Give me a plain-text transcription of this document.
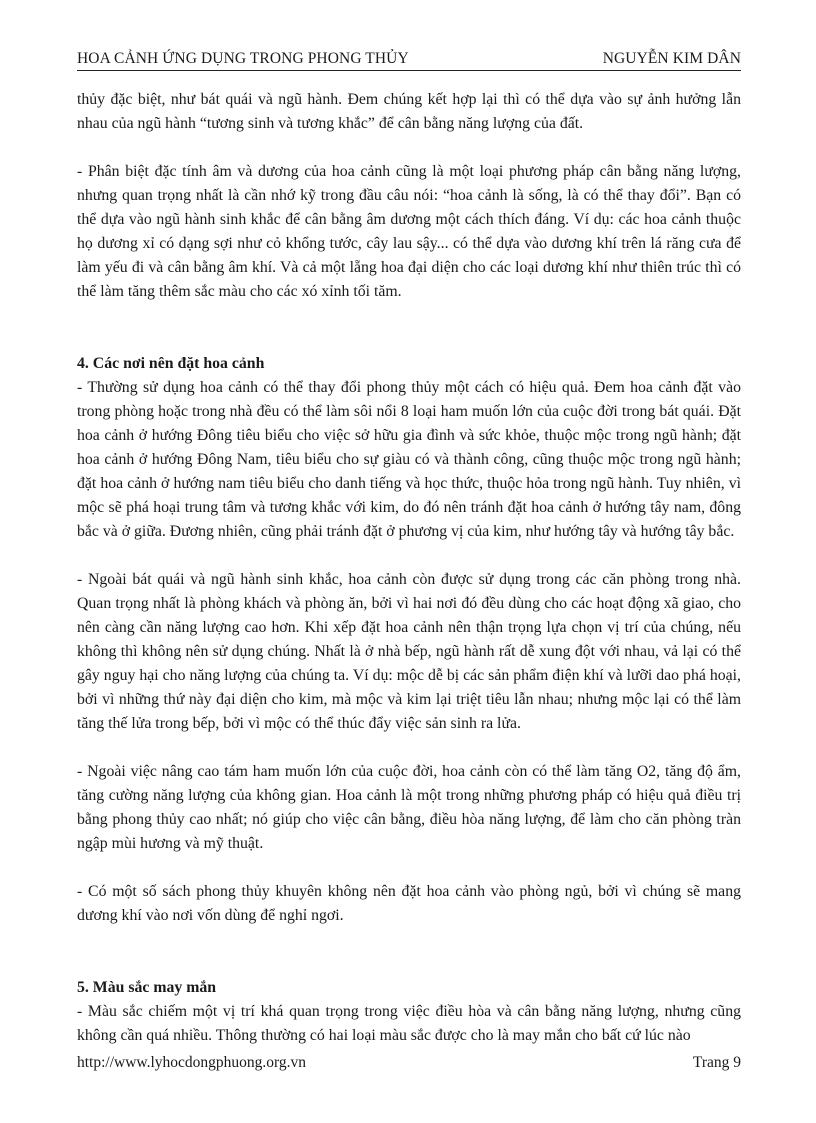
HOA CẢNH ỨNG DỤNG TRONG PHONG THỦY	NGUYỄN KIM DÂN

thủy đặc biệt, như bát quái và ngũ hành. Đem chúng kết hợp lại thì có thể dựa vào sự ảnh hưởng lẫn nhau của ngũ hành “tương sinh và tương khắc” để cân bằng năng lượng của đất.

- Phân biệt đặc tính âm và dương của hoa cảnh cũng là một loại phương pháp cân bằng năng lượng, nhưng quan trọng nhất là cần nhớ kỹ trong đầu câu nói: “hoa cảnh là sống, là có thể thay đổi”. Bạn có thể dựa vào ngũ hành sinh khắc để cân bằng âm dương một cách thích đáng. Ví dụ: các hoa cảnh thuộc họ dương xỉ có dạng sợi như cỏ khổng tước, cây lau sậy... có thể dựa vào dương khí trên lá răng cưa để làm yếu đi và cân bằng âm khí. Và cả một lẵng hoa đại diện cho các loại dương khí như thiên trúc thì có thể làm tăng thêm sắc màu cho các xó xỉnh tối tăm.

4. Các nơi nên đặt hoa cảnh

- Thường sử dụng hoa cảnh có thể thay đổi phong thủy một cách có hiệu quả. Đem hoa cảnh đặt vào trong phòng hoặc trong nhà đều có thể làm sôi nổi 8 loại ham muốn lớn của cuộc đời trong bát quái. Đặt hoa cảnh ở hướng Đông tiêu biểu cho việc sở hữu gia đình và sức khỏe, thuộc mộc trong ngũ hành; đặt hoa cảnh ở hướng Đông Nam, tiêu biểu cho sự giàu có và thành công, cũng thuộc mộc trong ngũ hành; đặt hoa cảnh ở hướng nam tiêu biểu cho danh tiếng và học thức, thuộc hỏa trong ngũ hành. Tuy nhiên, vì mộc sẽ phá hoại trung tâm và tương khắc với kim, do đó nên tránh đặt hoa cảnh ở hướng tây nam, đông bắc và ở giữa. Đương nhiên, cũng phải tránh đặt ở phương vị của kim, như hướng tây và hướng tây bắc.

- Ngoài bát quái và ngũ hành sinh khắc, hoa cảnh còn được sử dụng trong các căn phòng trong nhà. Quan trọng nhất là phòng khách và phòng ăn, bởi vì hai nơi đó đều dùng cho các hoạt động xã giao, cho nên càng cần năng lượng cao hơn. Khi xếp đặt hoa cảnh nên thận trọng lựa chọn vị trí của chúng, nếu không thì không nên sử dụng chúng. Nhất là ở nhà bếp, ngũ hành rất dễ xung đột với nhau, vả lại có thể gây nguy hại cho năng lượng của chúng ta. Ví dụ: mộc dễ bị các sản phẩm điện khí và lưỡi dao phá hoại, bởi vì những thứ này đại diện cho kim, mà mộc và kim lại triệt tiêu lẫn nhau; nhưng mộc lại có thể làm tăng thế lửa trong bếp, bởi vì mộc có thể thúc đẩy việc sản sinh ra lửa.

- Ngoài việc nâng cao tám ham muốn lớn của cuộc đời, hoa cảnh còn có thể làm tăng O2, tăng độ ẩm, tăng cường năng lượng của không gian. Hoa cảnh là một trong những phương pháp có hiệu quả điều trị bằng phong thủy cao nhất; nó giúp cho việc cân bằng, điều hòa năng lượng, để làm cho căn phòng tràn ngập mùi hương và mỹ thuật.

- Có một số sách phong thủy khuyên không nên đặt hoa cảnh vào phòng ngủ, bởi vì chúng sẽ mang dương khí vào nơi vốn dùng để nghỉ ngơi.

5. Màu sắc may mắn

- Màu sắc chiếm một vị trí khá quan trọng trong việc điều hòa và cân bằng năng lượng, nhưng cũng không cần quá nhiều. Thông thường có hai loại màu sắc được cho là may mắn cho bất cứ lúc nào

http://www.lyhocdongphuong.org.vn	Trang 9
